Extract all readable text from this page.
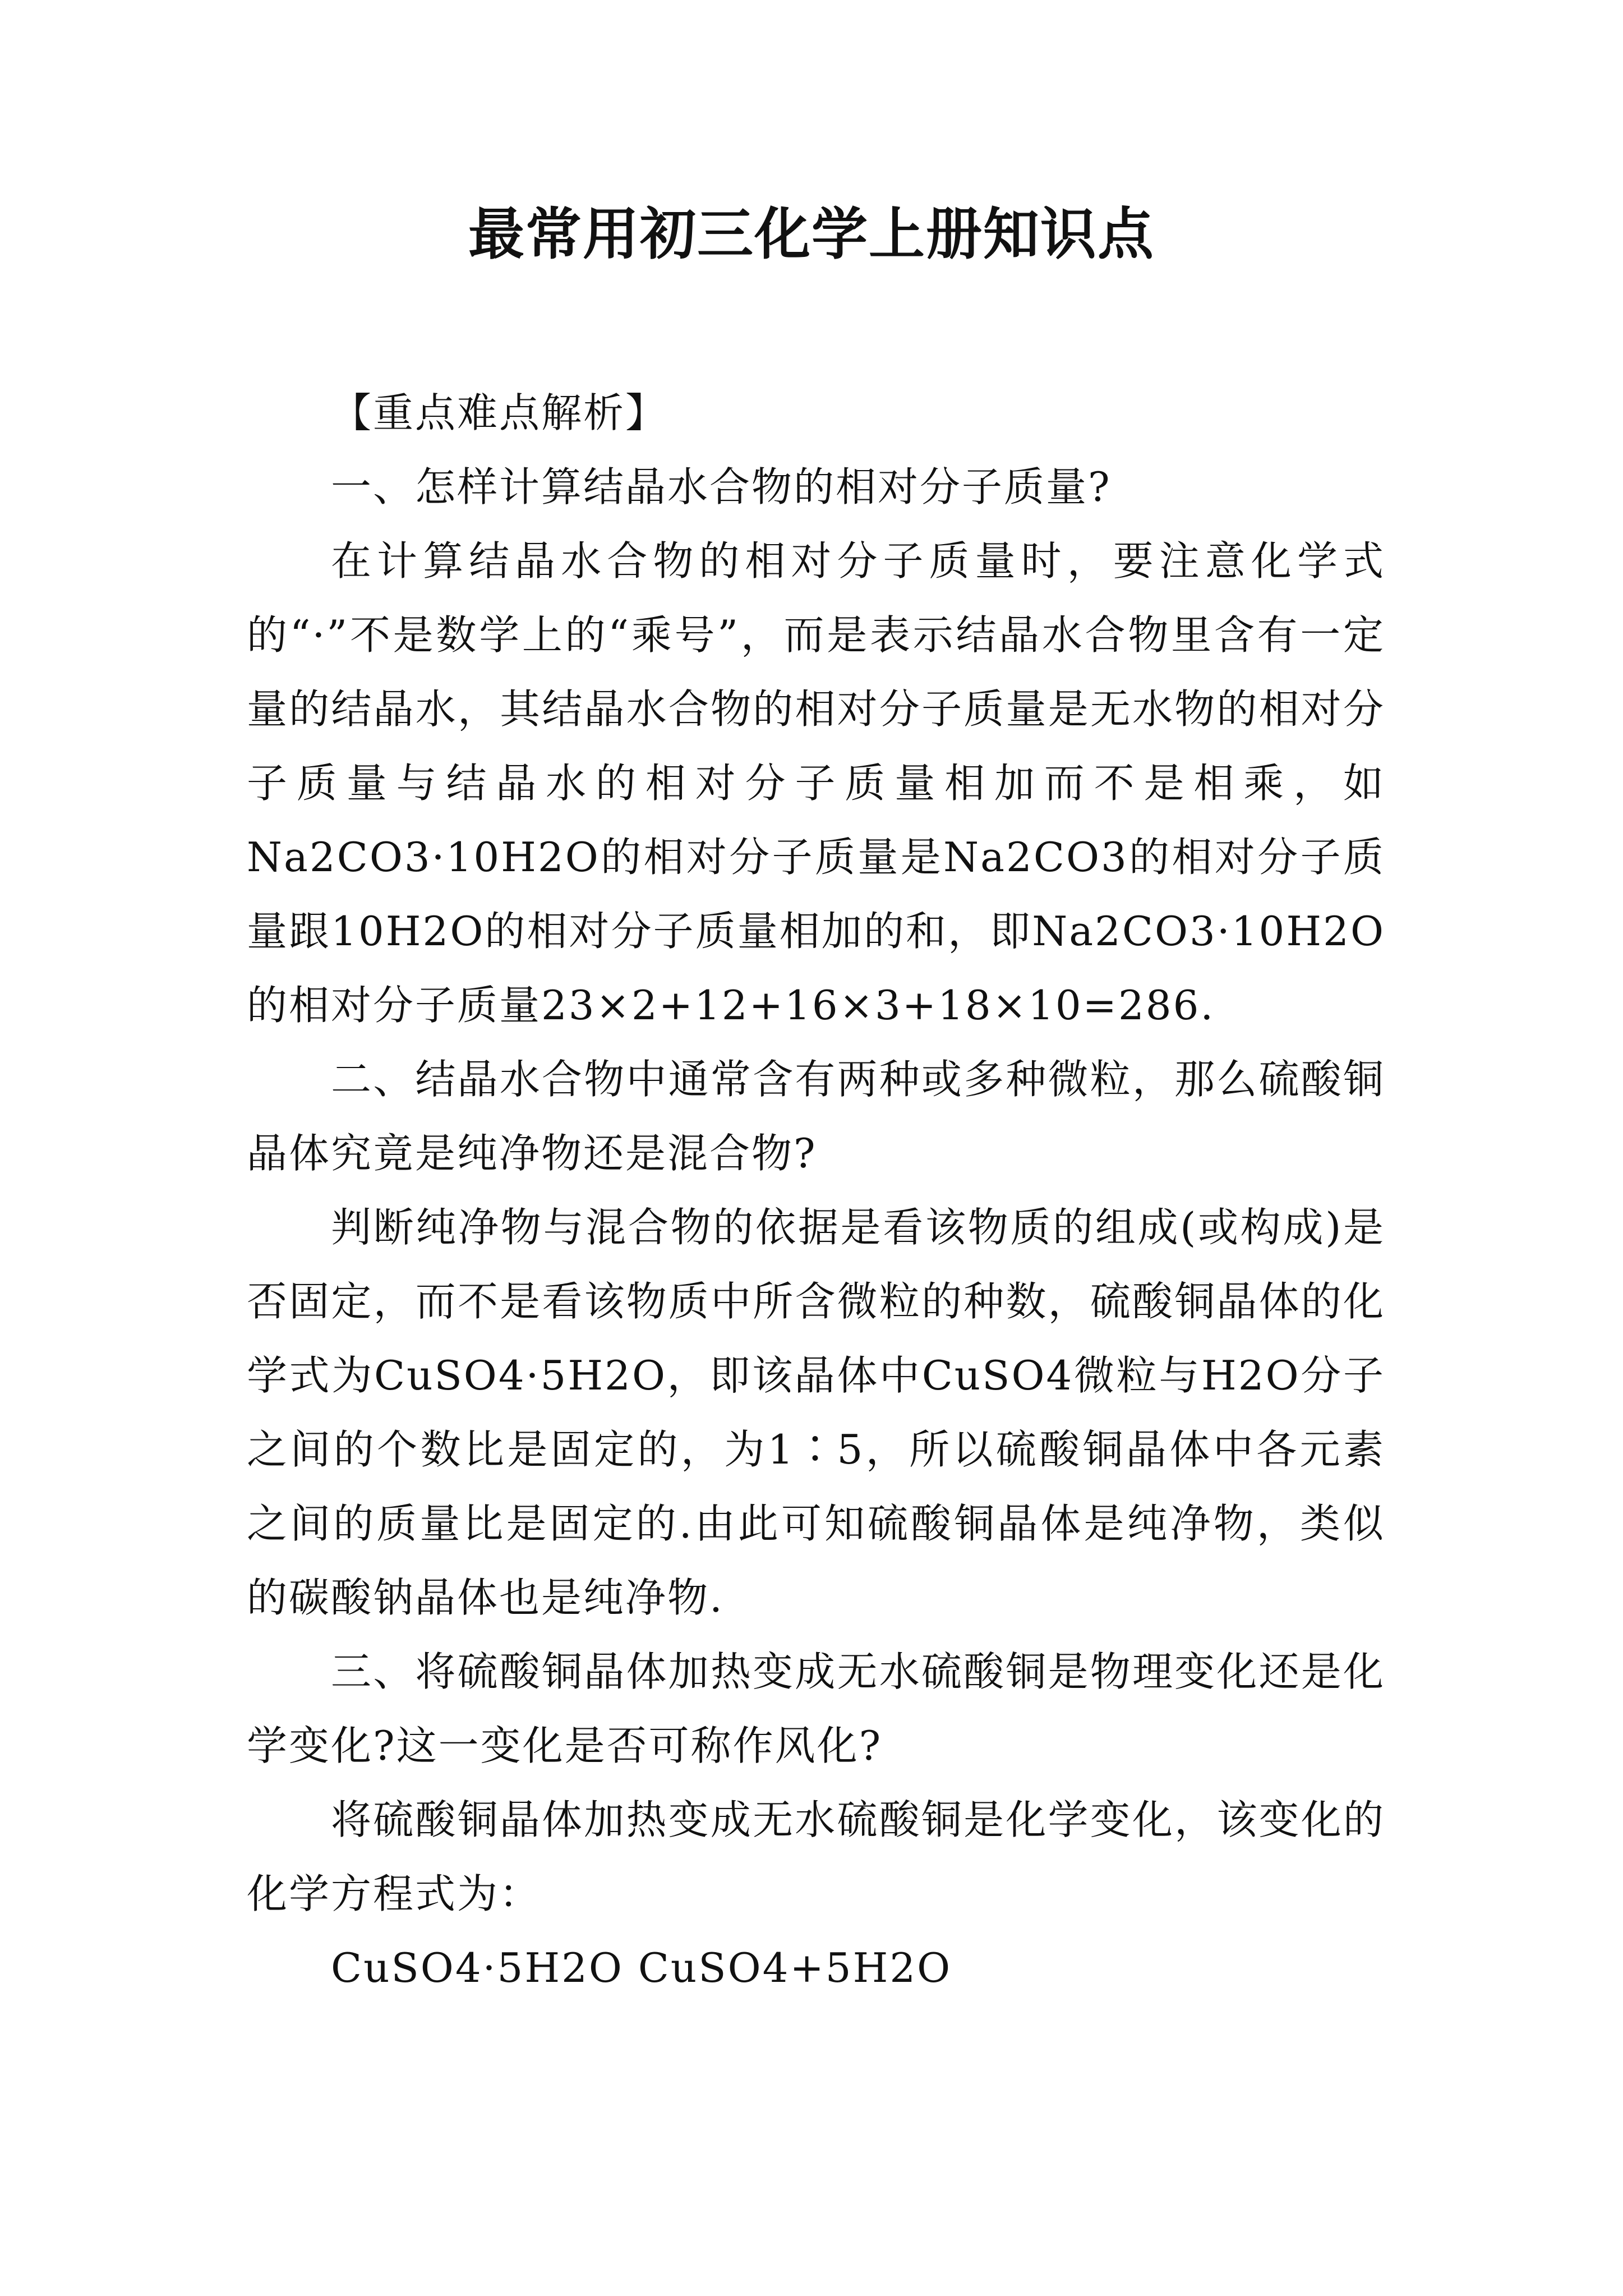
最常用初三化学上册知识点

【重点难点解析】

一、怎样计算结晶水合物的相对分子质量?

在计算结晶水合物的相对分子质量时，要注意化学式的“·”不是数学上的“乘号”，而是表示结晶水合物里含有一定量的结晶水，其结晶水合物的相对分子质量是无水物的相对分子质量与结晶水的相对分子质量相加而不是相乘，如Na2CO3·10H2O的相对分子质量是Na2CO3的相对分子质量跟10H2O的相对分子质量相加的和，即Na2CO3·10H2O的相对分子质量23×2+12+16×3+18×10=286.

二、结晶水合物中通常含有两种或多种微粒，那么硫酸铜晶体究竟是纯净物还是混合物?

判断纯净物与混合物的依据是看该物质的组成(或构成)是否固定，而不是看该物质中所含微粒的种数，硫酸铜晶体的化学式为CuSO4·5H2O，即该晶体中CuSO4微粒与H2O分子之间的个数比是固定的，为1∶5，所以硫酸铜晶体中各元素之间的质量比是固定的.由此可知硫酸铜晶体是纯净物，类似的碳酸钠晶体也是纯净物.

三、将硫酸铜晶体加热变成无水硫酸铜是物理变化还是化学变化?这一变化是否可称作风化?

将硫酸铜晶体加热变成无水硫酸铜是化学变化，该变化的化学方程式为：

CuSO4·5H2O CuSO4+5H2O
